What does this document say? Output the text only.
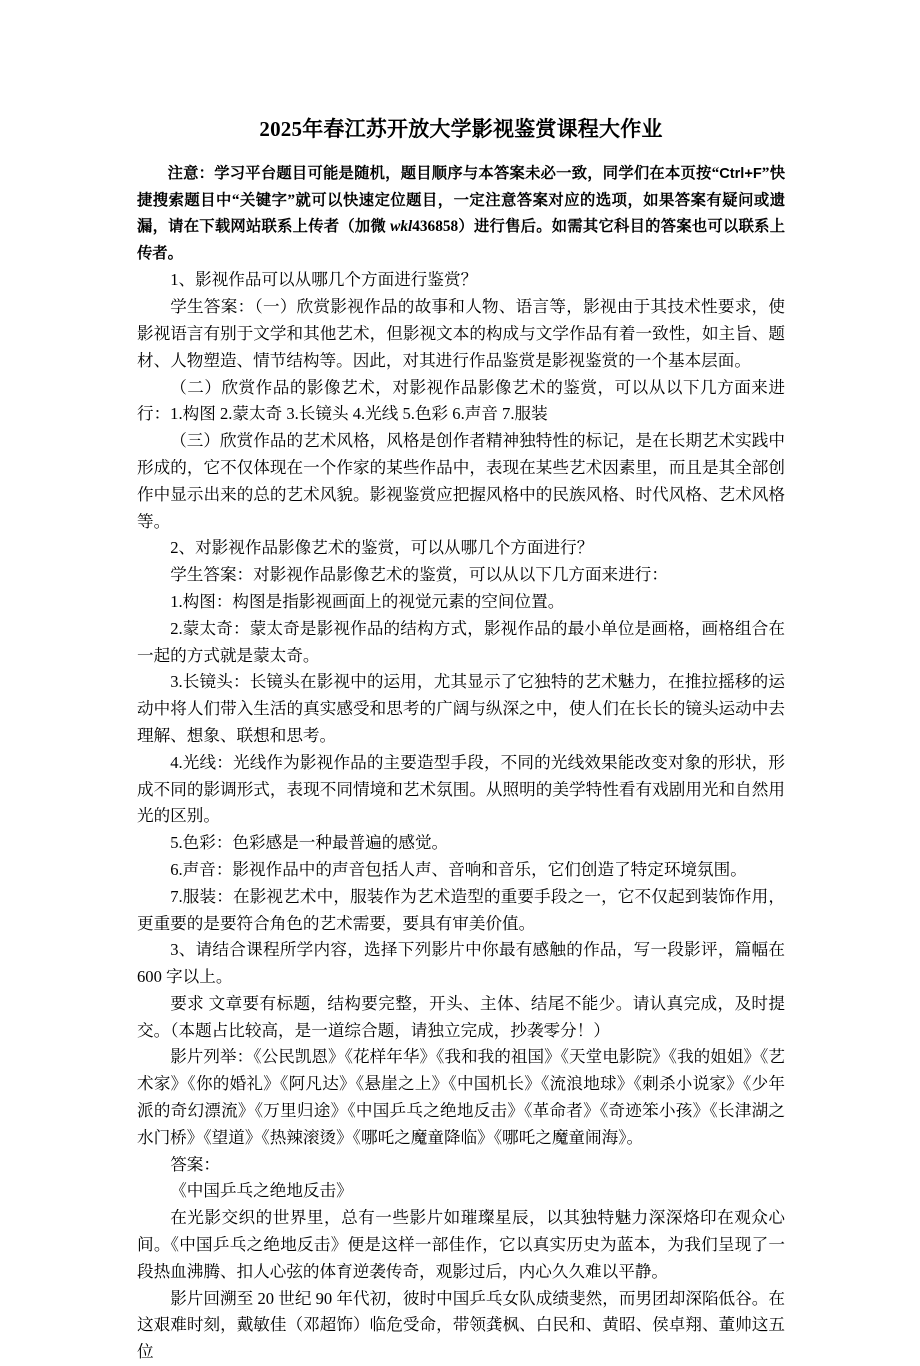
2025年春江苏开放大学影视鉴赏课程大作业

注意：学习平台题目可能是随机，题目顺序与本答案未必一致，同学们在本页按“Ctrl+F”快捷搜索题目中“关键字”就可以快速定位题目，一定注意答案对应的选项，如果答案有疑问或遗漏，请在下载网站联系上传者（加微 wkl436858）进行售后。如需其它科目的答案也可以联系上传者。

1、影视作品可以从哪几个方面进行鉴赏？

学生答案：（一）欣赏影视作品的故事和人物、语言等，影视由于其技术性要求，使影视语言有别于文学和其他艺术，但影视文本的构成与文学作品有着一致性，如主旨、题材、人物塑造、情节结构等。因此，对其进行作品鉴赏是影视鉴赏的一个基本层面。

（二）欣赏作品的影像艺术，对影视作品影像艺术的鉴赏，可以从以下几方面来进行：1.构图 2.蒙太奇 3.长镜头 4.光线 5.色彩 6.声音 7.服装

（三）欣赏作品的艺术风格，风格是创作者精神独特性的标记，是在长期艺术实践中形成的，它不仅体现在一个作家的某些作品中，表现在某些艺术因素里，而且是其全部创作中显示出来的总的艺术风貌。影视鉴赏应把握风格中的民族风格、时代风格、艺术风格等。

2、对影视作品影像艺术的鉴赏，可以从哪几个方面进行？

学生答案：对影视作品影像艺术的鉴赏，可以从以下几方面来进行：

1.构图：构图是指影视画面上的视觉元素的空间位置。

2.蒙太奇：蒙太奇是影视作品的结构方式，影视作品的最小单位是画格，画格组合在一起的方式就是蒙太奇。

3.长镜头：长镜头在影视中的运用，尤其显示了它独特的艺术魅力，在推拉摇移的运动中将人们带入生活的真实感受和思考的广阔与纵深之中，使人们在长长的镜头运动中去理解、想象、联想和思考。

4.光线：光线作为影视作品的主要造型手段，不同的光线效果能改变对象的形状，形成不同的影调形式，表现不同情境和艺术氛围。从照明的美学特性看有戏剧用光和自然用光的区别。

5.色彩：色彩感是一种最普遍的感觉。

6.声音：影视作品中的声音包括人声、音响和音乐，它们创造了特定环境氛围。

7.服装：在影视艺术中，服装作为艺术造型的重要手段之一，它不仅起到装饰作用，更重要的是要符合角色的艺术需要，要具有审美价值。

3、请结合课程所学内容，选择下列影片中你最有感触的作品，写一段影评，篇幅在 600 字以上。

要求 文章要有标题，结构要完整，开头、主体、结尾不能少。请认真完成，及时提交。（本题占比较高，是一道综合题，请独立完成，抄袭零分！）

影片列举：《公民凯恩》《花样年华》《我和我的祖国》《天堂电影院》《我的姐姐》《艺术家》《你的婚礼》《阿凡达》《悬崖之上》《中国机长》《流浪地球》《刺杀小说家》《少年派的奇幻漂流》《万里归途》《中国乒乓之绝地反击》《革命者》《奇迹笨小孩》《长津湖之水门桥》《望道》《热辣滚烫》《哪吒之魔童降临》《哪吒之魔童闹海》。

答案：

《中国乒乓之绝地反击》

在光影交织的世界里，总有一些影片如璀璨星辰，以其独特魅力深深烙印在观众心间。《中国乒乓之绝地反击》便是这样一部佳作，它以真实历史为蓝本，为我们呈现了一段热血沸腾、扣人心弦的体育逆袭传奇，观影过后，内心久久难以平静。

影片回溯至 20 世纪 90 年代初，彼时中国乒乓女队成绩斐然，而男团却深陷低谷。在这艰难时刻，戴敏佳（邓超饰）临危受命，带领龚枫、白民和、黄昭、侯卓翔、董帅这五位
